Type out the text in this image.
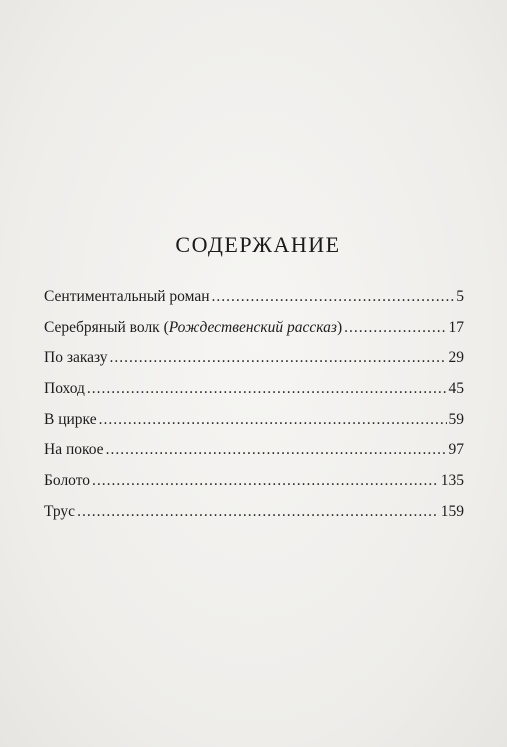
СОДЕРЖАНИЕ
Сентиментальный роман .....	5
Серебряный волк (Рождественский рассказ) .....	17
По заказу .....	29
Поход .....	45
В цирке .....	59
На покое .....	97
Болото .....	135
Трус .....	159
